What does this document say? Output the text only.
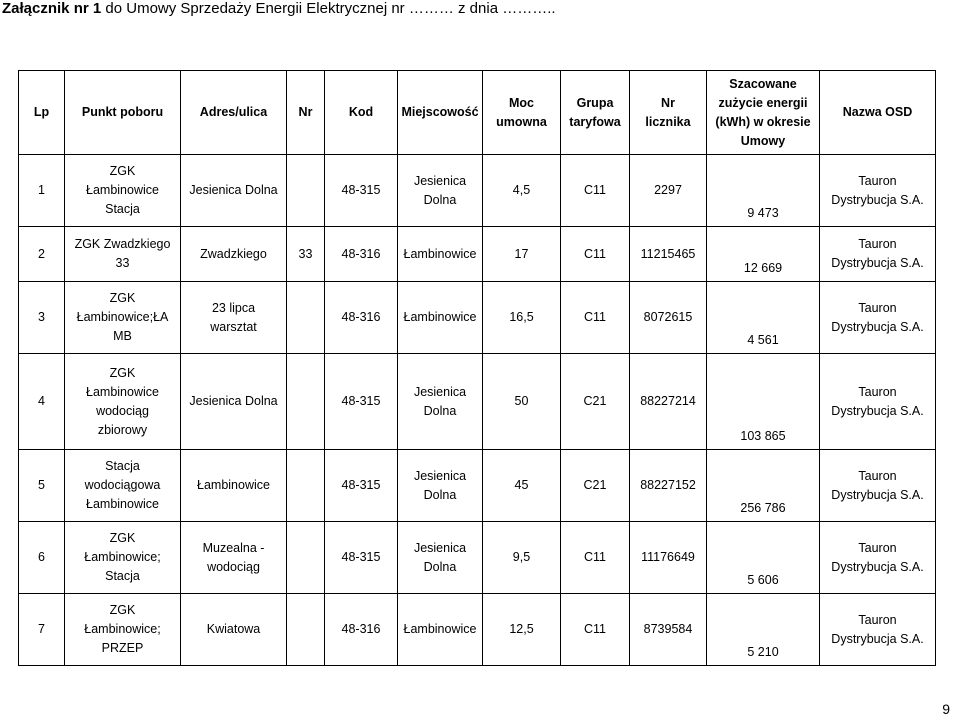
Załącznik nr 1 do Umowy Sprzedaży Energii Elektrycznej nr ……… z dnia ………..
Lp	Punkt poboru	Adres/ulica	Nr	Kod	Miejscowość	Moc
umowna	Grupa
taryfowa	Nr
licznika	Szacowane
zużycie energii
(kWh) w okresie
Umowy	Nazwa OSD
1	ZGK
Łambinowice
Stacja	Jesienica Dolna		48-315	Jesienica
Dolna	4,5	C11	2297	9 473	Tauron
Dystrybucja S.A.
2	ZGK Zwadzkiego
33	Zwadzkiego	33	48-316	Łambinowice	17	C11	11215465	12 669	Tauron
Dystrybucja S.A.
3	ZGK
Łambinowice;ŁA
MB	23 lipca
warsztat		48-316	Łambinowice	16,5	C11	8072615	4 561	Tauron
Dystrybucja S.A.
4	ZGK
Łambinowice
wodociąg
zbiorowy	Jesienica Dolna		48-315	Jesienica
Dolna	50	C21	88227214	103 865	Tauron
Dystrybucja S.A.
5	Stacja
wodociągowa
Łambinowice	Łambinowice		48-315	Jesienica
Dolna	45	C21	88227152	256 786	Tauron
Dystrybucja S.A.
6	ZGK
Łambinowice;
Stacja	Muzealna -
wodociąg		48-315	Jesienica
Dolna	9,5	C11	11176649	5 606	Tauron
Dystrybucja S.A.
7	ZGK
Łambinowice;
PRZEP	Kwiatowa		48-316	Łambinowice	12,5	C11	8739584	5 210	Tauron
Dystrybucja S.A.
9
